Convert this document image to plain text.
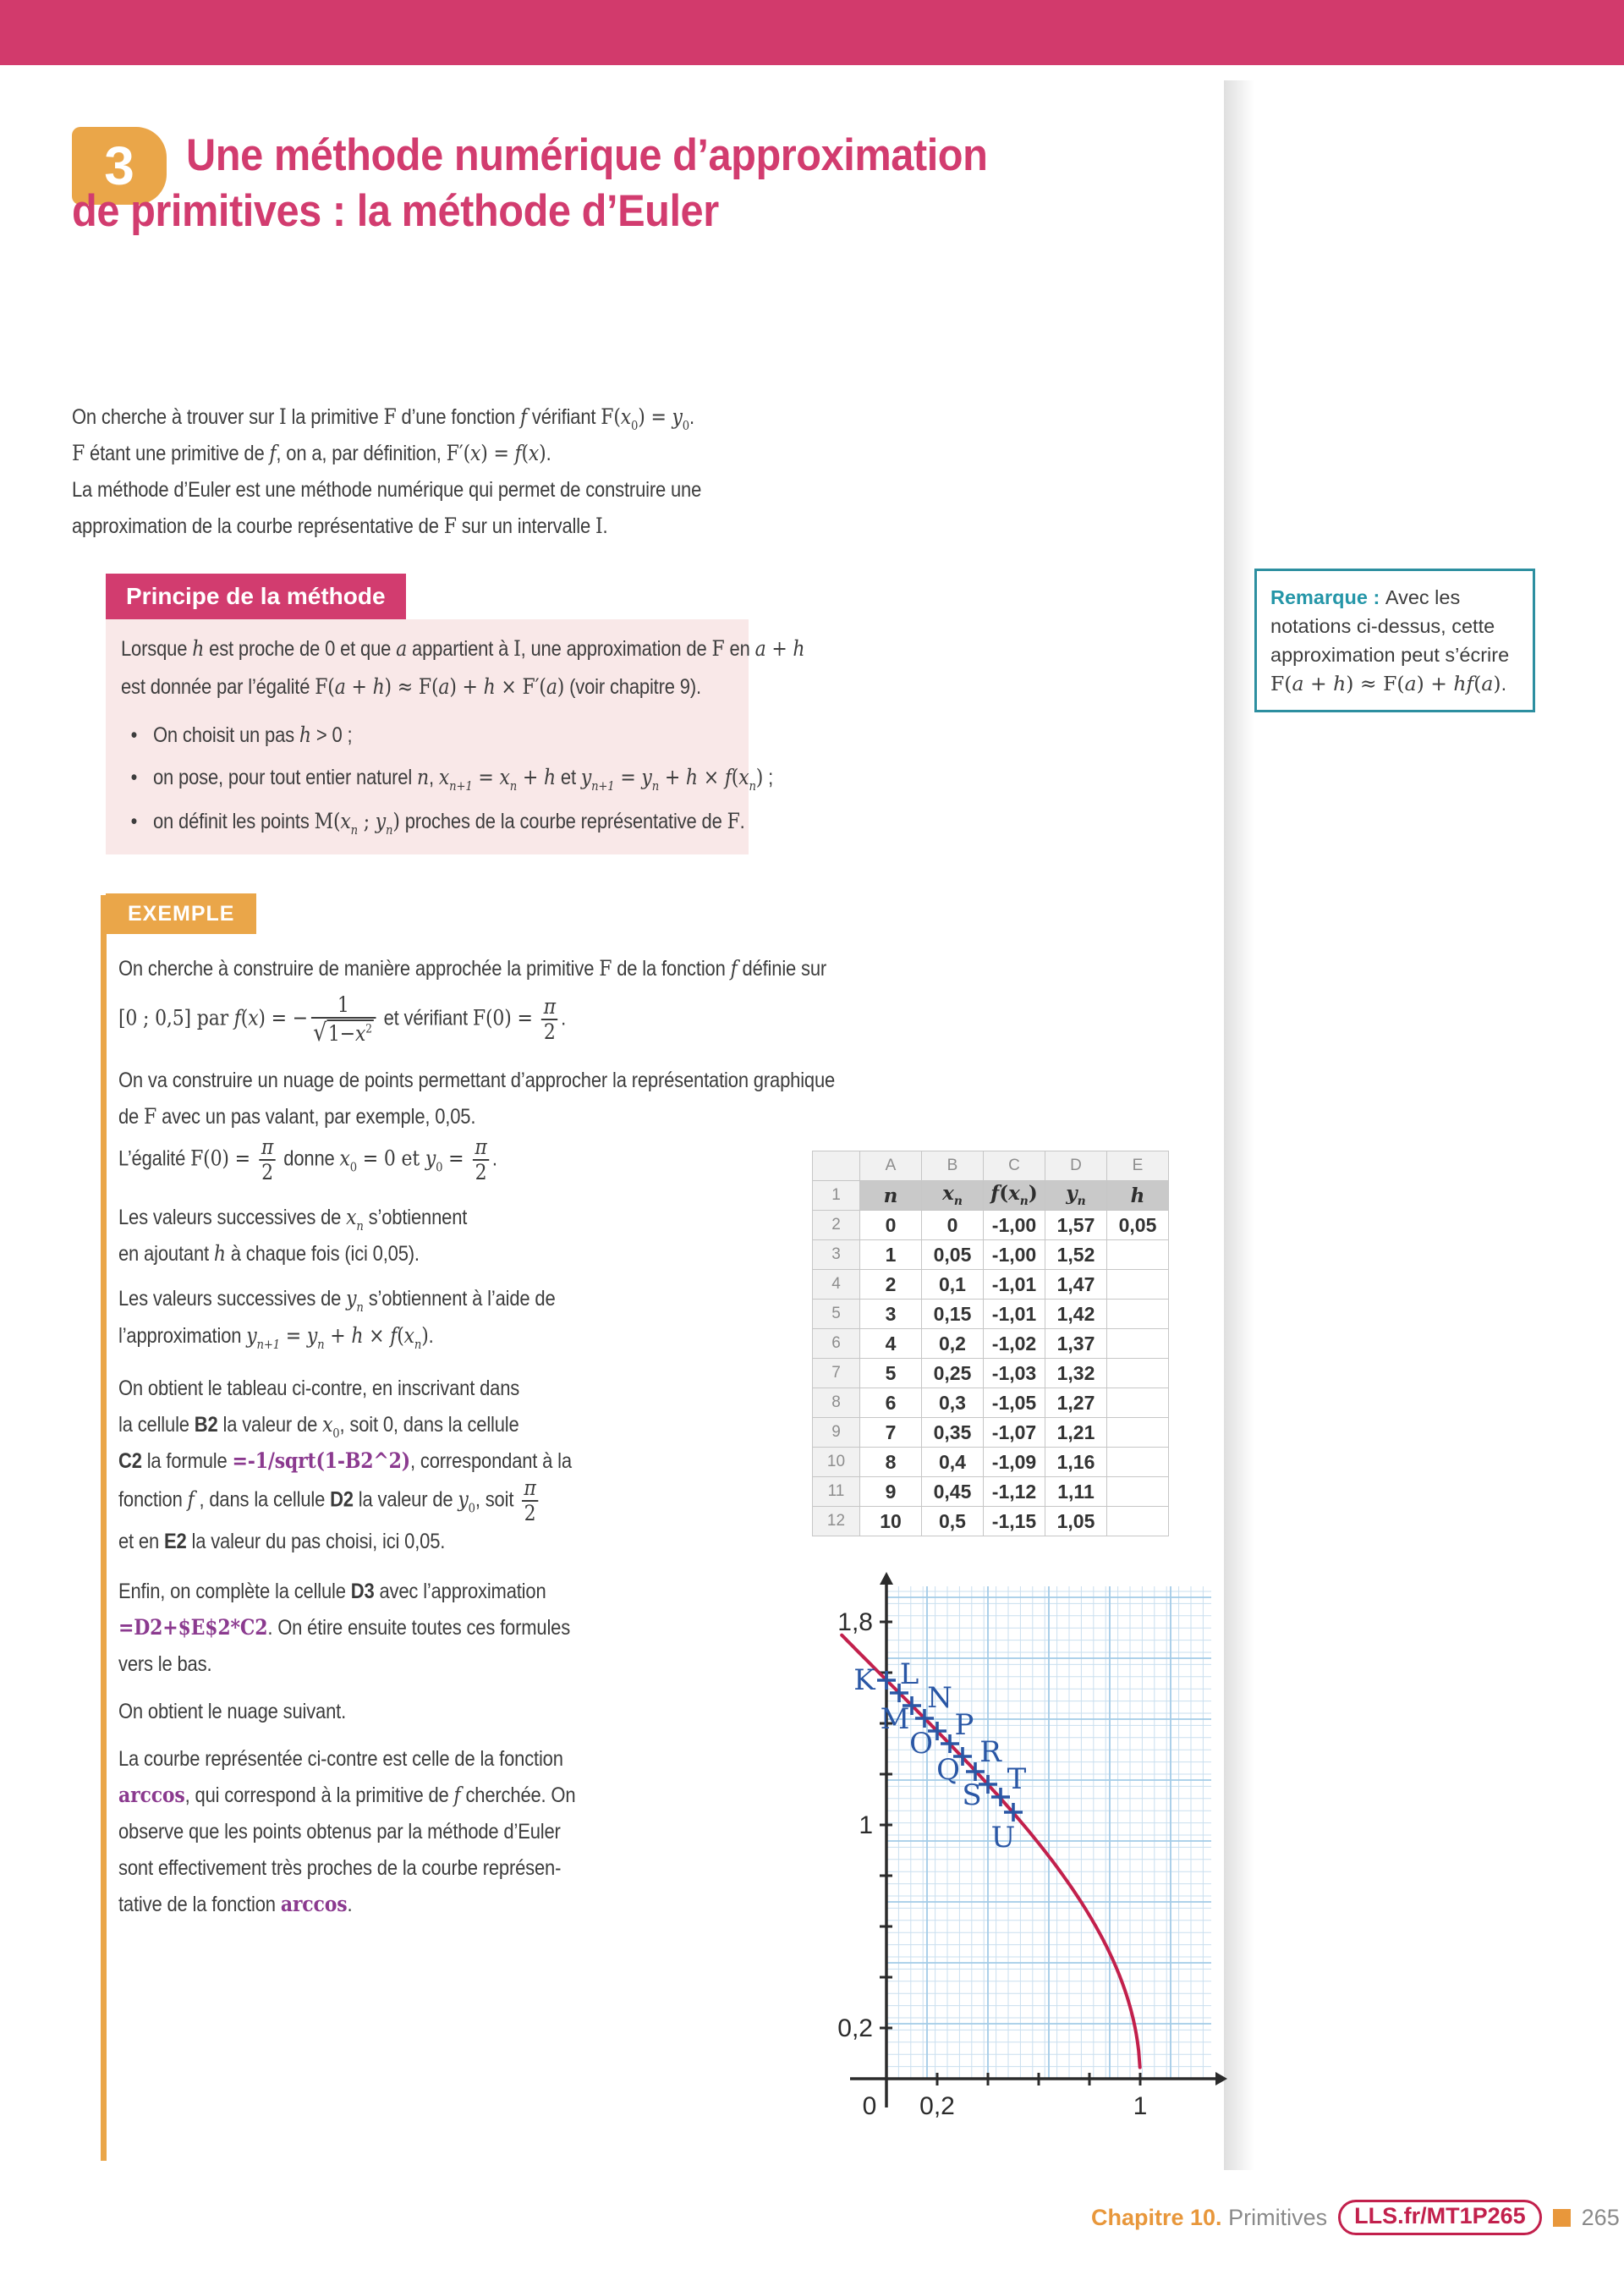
3 Une méthode numérique d’approximation
de primitives : la méthode d’Euler
On cherche à trouver sur I la primitive F d’une fonction f vérifiant $F(x_0) = y_0$.
F étant une primitive de f, on a, par définition, F′(x) = f(x).
La méthode d’Euler est une méthode numérique qui permet de construire une
approximation de la courbe représentative de F sur un intervalle I.
Principe de la méthode
Lorsque h est proche de 0 et que a appartient à I, une approximation de F en a + h
est donnée par l’égalité F(a + h) ≈ F(a) + h × F′(a) (voir chapitre 9).
• On choisit un pas h > 0 ;
• on pose, pour tout entier naturel n, $x_{n+1} = x_n + h$ et $y_{n+1} = y_n + h \times f(x_n)$ ;
• on définit les points $M(x_n$ ; $y_n$) proches de la courbe représentative de F.
Remarque : Avec les notations ci-dessus, cette approximation peut s’écrire F(a + h) ≈ F(a) + hf(a).
EXEMPLE
On cherche à construire de manière approchée la primitive F de la fonction f définie sur
[0 ; 0,5] par f(x) = − $\frac{1}{√1-x^2}$ et vérifiant $F(0) = \frac{\pi}{2}$ .
On va construire un nuage de points permettant d’approcher la représentation graphique
de F avec un pas valant, par exemple, 0,05.
L’égalité $F(0) = \frac{\pi}{2}$ donne $x_0 = 0$ et $y_0 = \frac{\pi}{2}$ .
Les valeurs successives de $x_n$ s’obtiennent
en ajoutant h à chaque fois (ici 0,05).
Les valeurs successives de $y_n$ s’obtiennent à l’aide de
l’approximation $y_{n+1} = y_n + h \times f(x_n)$.
On obtient le tableau ci-contre, en inscrivant dans
la cellule B2 la valeur de $x_0$, soit 0, dans la cellule
C2 la formule =-1/sqrt(1-B2^2), correspondant à la
fonction f , dans la cellule D2 la valeur de $y_0$, soit $\frac{\pi}{2}$
et en E2 la valeur du pas choisi, ici 0,05.
Enfin, on complète la cellule D3 avec l’approximation
=D2+$E$2*C2. On étire ensuite toutes ces formules
vers le bas.
On obtient le nuage suivant.
La courbe représentée ci-contre est celle de la fonction
arccos, qui correspond à la primitive de f cherchée. On
observe que les points obtenus par la méthode d’Euler
sont effectivement très proches de la courbe représen-
tative de la fonction arccos.
	A	B	C	D	E
1	n	$x_n$	$f(x_n)$	$y_n$	h
2	0	0	-1,00	1,57	0,05
3	1	0,05	-1,00	1,52	
4	2	0,1	-1,01	1,47	
5	3	0,15	-1,01	1,42	
6	4	0,2	-1,02	1,37	
7	5	0,25	-1,03	1,32	
8	6	0,3	-1,05	1,27	
9	7	0,35	-1,07	1,21	
10	8	0,4	-1,09	1,16	
11	9	0,45	-1,12	1,11	
12	10	0,5	-1,15	1,05	
0 0,2	1
1,8
1
0,2
K L
M
N
O
P
Q
R
S T
U
Chapitre 10. Primitives	LLS.fr/MT1P265	265
